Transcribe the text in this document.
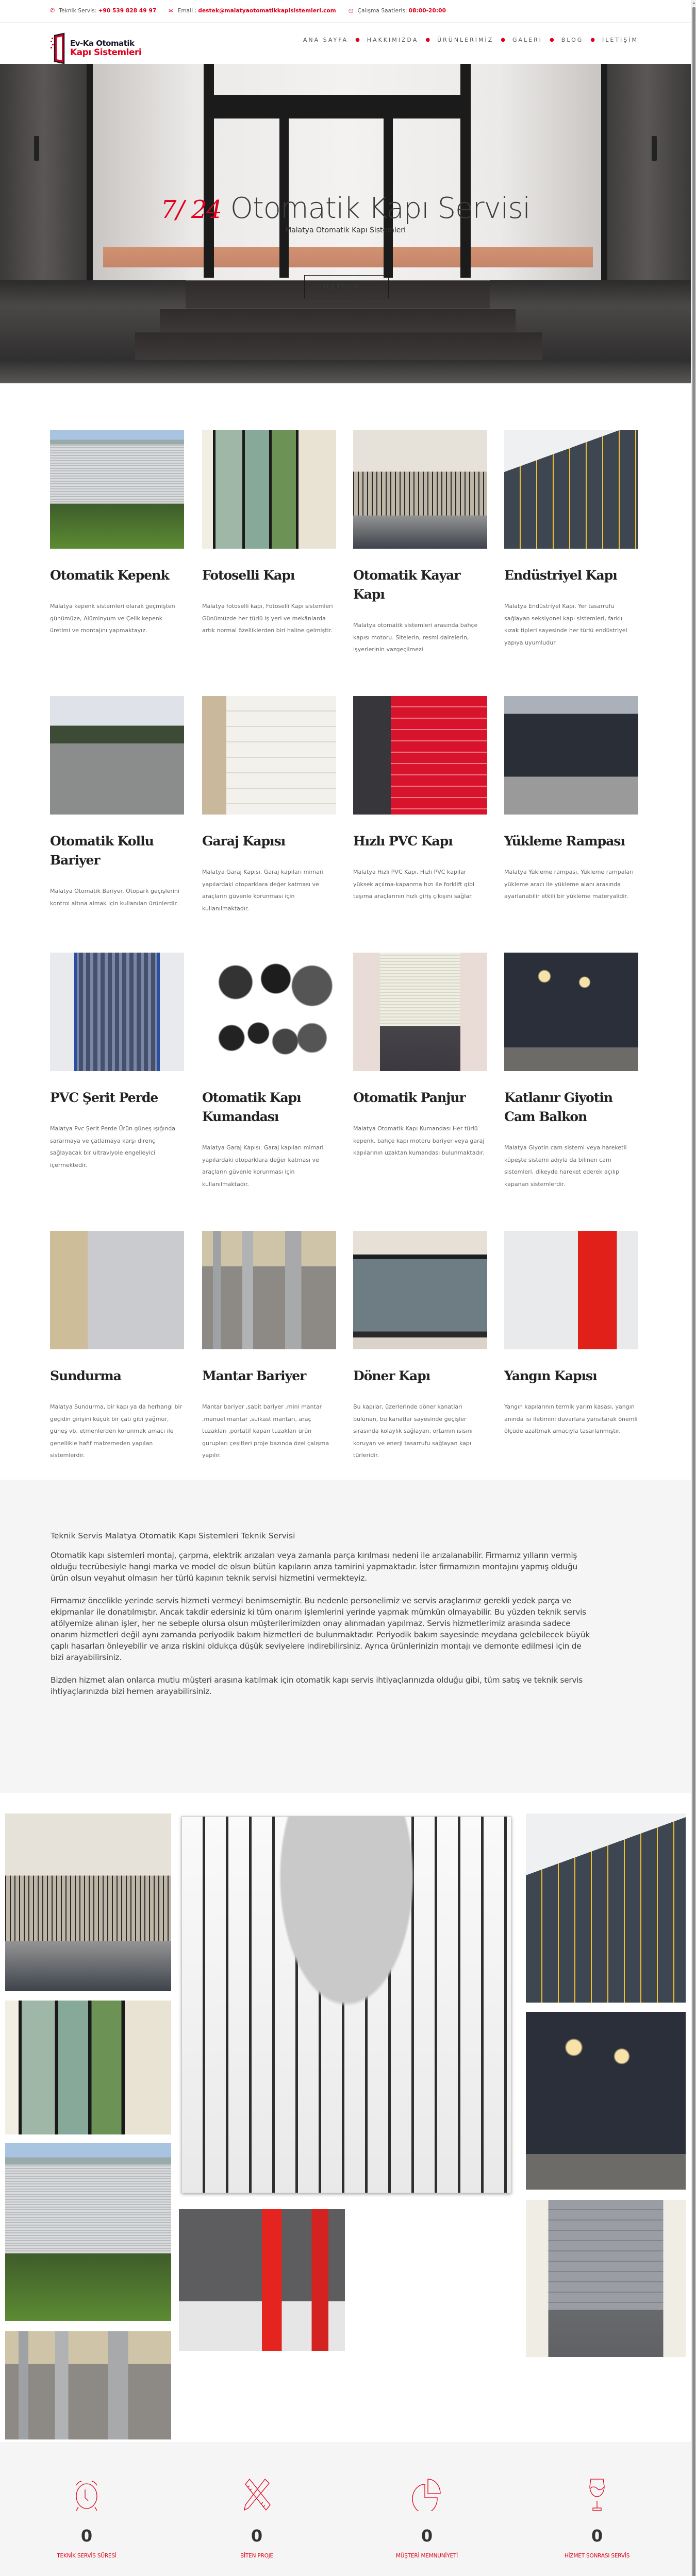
✆ Teknik Servis: +90 539 828 49 97 ✉ Email : destek@malatyaotomatikkapisistemleri.com ◷ Çalışma Saatleris: 08:00-20:00
Ev-Ka Otomatik
Kapı Sistemleri
ANA SAYFA ● HAKKIMIZDA ● ÜRÜNLERİMİZ ● GALERİ ● BLOG ● İLETİŞİM
7/ 24 Otomatik Kapı Servisi
Malatya Otomatik Kapı Sistemleri
İLETİŞİM ›
Otomatik Kepenk

Malatya kepenk sistemleri olarak geçmişten günümüze, Alüminyum ve Çelik kepenk üretimi ve montajını yapmaktayız.

Fotoselli Kapı

Malatya fotoselli kapı, Fotoselli Kapı sistemleri Günümüzde her türlü iş yeri ve mekânlarda artık normal özelliklerden biri haline gelmiştir.

Otomatik Kayar Kapı

Malatya otomatik sistemleri arasında bahçe kapısı motoru. Sitelerin, resmi dairelerin, işyerlerinin vazgeçilmezi.

Endüstriyel Kapı

Malatya Endüstriyel Kapı. Yer tasarrufu sağlayan seksiyonel kapı sistemleri, farklı kızak tipleri sayesinde her türlü endüstriyel yapıya uyumludur.

Otomatik Kollu Bariyer

Malatya Otomatik Bariyer. Otopark geçişlerini kontrol altına almak için kullanılan ürünlerdir.

Garaj Kapısı

Malatya Garaj Kapısı. Garaj kapıları mimari yapılardaki otoparklara değer katması ve araçların güvenle korunması için kullanılmaktadır.

Hızlı PVC Kapı

Malatya Hızlı PVC Kapı, Hızlı PVC kapılar yüksek açılma-kapanma hızı ile forklift gibi taşıma araçlarının hızlı giriş çıkışını sağlar.

Yükleme Rampası

Malatya Yükleme rampası, Yükleme rampaları yükleme aracı ile yükleme alanı arasında ayarlanabilir etkili bir yükleme materyalidir.

PVC Şerit Perde

Malatya Pvc Şerit Perde Ürün güneş ışığında sararmaya ve çatlamaya karşı direnç sağlayacak bir ultraviyole engelleyici içermektedir.

Otomatik Kapı Kumandası

Malatya Garaj Kapısı. Garaj kapıları mimari yapılardaki otoparklara değer katması ve araçların güvenle korunması için kullanılmaktadır.

Otomatik Panjur

Malatya Otomatik Kapı Kumandası Her türlü kepenk, bahçe kapı motoru bariyer veya garaj kapılarının uzaktan kumandası bulunmaktadır.

Katlanır Giyotin Cam Balkon

Malatya Giyotin cam sistemi veya hareketli küpeşte sistemi adıyla da bilinen cam sistemleri, dikeyde hareket ederek açılıp kapanan sistemlerdir.

Sundurma

Malatya Sundurma, bir kapı ya da herhangi bir geçidin girişini küçük bir çatı gibi yağmur, güneş vb. etmenlerden korunmak amacı ile genellikle hafif malzemeden yapılan sistemlerdir.

Mantar Bariyer

Mantar bariyer ,sabit bariyer ,mini mantar ,manuel mantar ,suikast mantarı, araç tuzakları ,portatif kapan tuzakları ürün gurupları çeşitleri proje bazında özel çalışma yapılır.

Döner Kapı

Bu kapılar, üzerlerinde döner kanatları bulunan, bu kanatlar sayesinde geçişler sırasında kolaylık sağlayan, ortamın ısısını koruyan ve enerji tasarrufu sağlayan kapı türleridir.

Yangın Kapısı

Yangın kapılarının termik yarım kasası, yangın anında ısı iletimini duvarlara yansıtarak önemli ölçüde azaltmak amacıyla tasarlanmıştır.

Teknik Servis Malatya Otomatik Kapı Sistemleri Teknik Servisi

Otomatik kapı sistemleri montaj, çarpma, elektrik arızaları veya zamanla parça kırılması nedeni ile arızalanabilir. Firmamız yılların vermiş olduğu tecrübesiyle hangi marka ve model de olsun bütün kapıların arıza tamirini yapmaktadır. İster firmamızın montajını yapmış olduğu ürün olsun veyahut olmasın her türlü kapının teknik servisi hizmetini vermekteyiz.

Firmamız öncelikle yerinde servis hizmeti vermeyi benimsemiştir. Bu nedenle personelimiz ve servis araçlarımız gerekli yedek parça ve ekipmanlar ile donatılmıştır. Ancak takdir edersiniz ki tüm onarım işlemlerini yerinde yapmak mümkün olmayabilir. Bu yüzden teknik servis atölyemize alınan işler, her ne sebeple olursa olsun müşterilerimizden onay alınmadan yapılmaz. Servis hizmetlerimiz arasında sadece onarım hizmetleri değil aynı zamanda periyodik bakım hizmetleri de bulunmaktadır. Periyodik bakım sayesinde meydana gelebilecek büyük çaplı hasarları önleyebilir ve arıza riskini oldukça düşük seviyelere indirebilirsiniz. Ayrıca ürünlerinizin montajı ve demonte edilmesi için de bizi arayabilirsiniz.

Bizden hizmet alan onlarca mutlu müşteri arasına katılmak için otomatik kapı servis ihtiyaçlarınızda olduğu gibi, tüm satış ve teknik servis ihtiyaçlarınızda bizi hemen arayabilirsiniz.

0
TEKNİK SERVİS SÜRESİ
0
BİTEN PROJE
0
MÜŞTERİ MEMNUNİYETİ
0
HİZMET SONRASI SERVİS
▲
